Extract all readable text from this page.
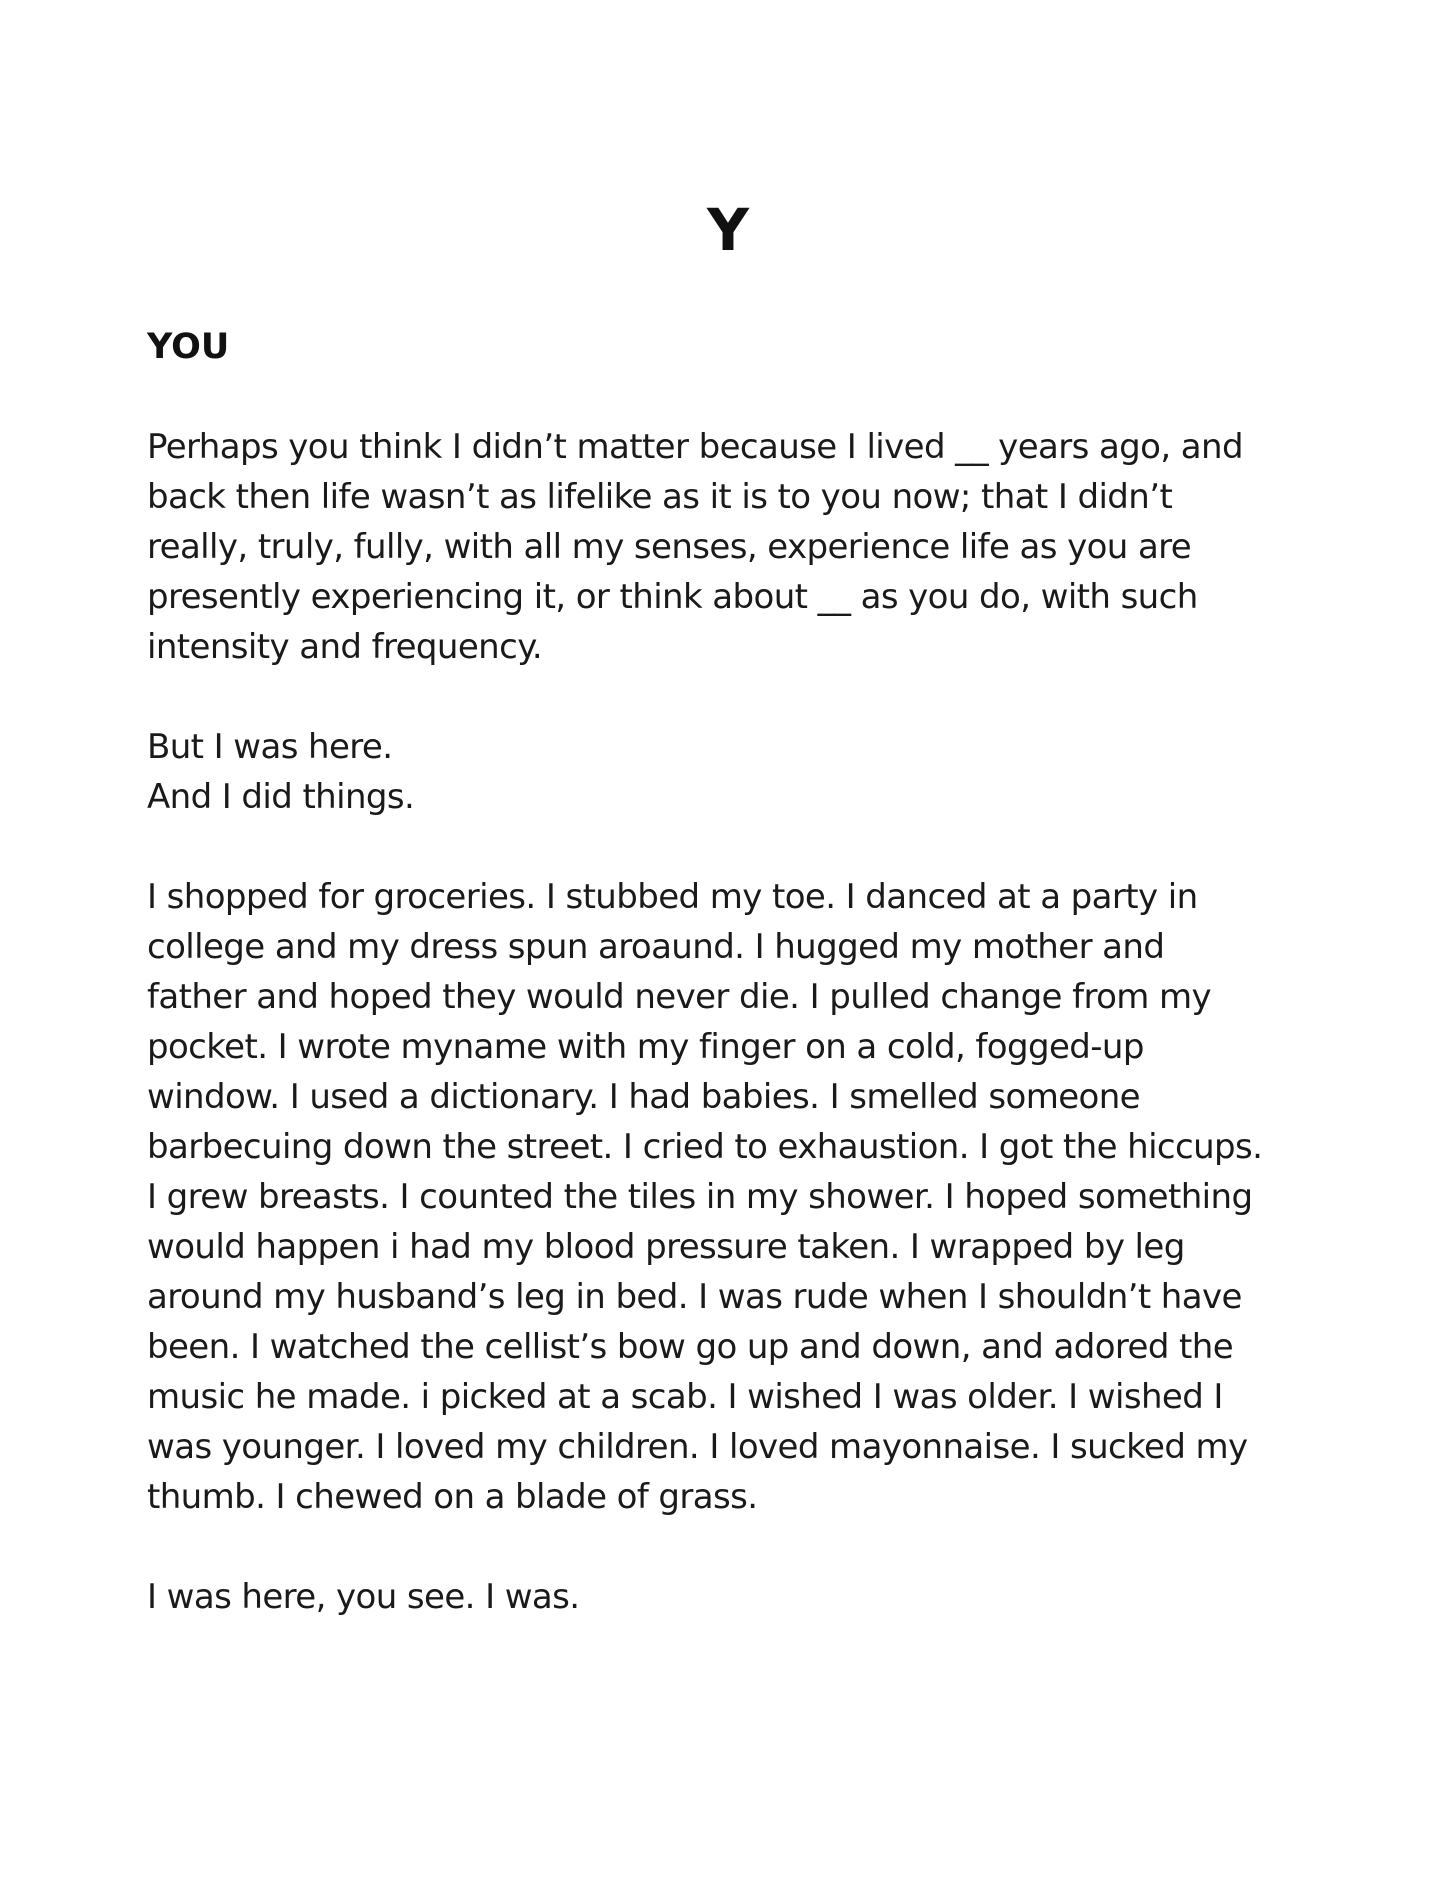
Y
YOU
Perhaps you think I didn’t matter because I lived __ years ago, and
back then life wasn’t as lifelike as it is to you now; that I didn’t
really, truly, fully, with all my senses, experience life as you are
presently experiencing it, or think about __ as you do, with such
intensity and frequency.
But I was here.
And I did things.
I shopped for groceries. I stubbed my toe. I danced at a party in
college and my dress spun aroaund. I hugged my mother and
father and hoped they would never die. I pulled change from my
pocket. I wrote myname with my finger on a cold, fogged-up
window. I used a dictionary. I had babies. I smelled someone
barbecuing down the street. I cried to exhaustion. I got the hiccups.
I grew breasts. I counted the tiles in my shower. I hoped something
would happen i had my blood pressure taken. I wrapped by leg
around my husband’s leg in bed. I was rude when I shouldn’t have
been. I watched the cellist’s bow go up and down, and adored the
music he made. i picked at a scab. I wished I was older. I wished I
was younger. I loved my children. I loved mayonnaise. I sucked my
thumb. I chewed on a blade of grass.
I was here, you see. I was.
